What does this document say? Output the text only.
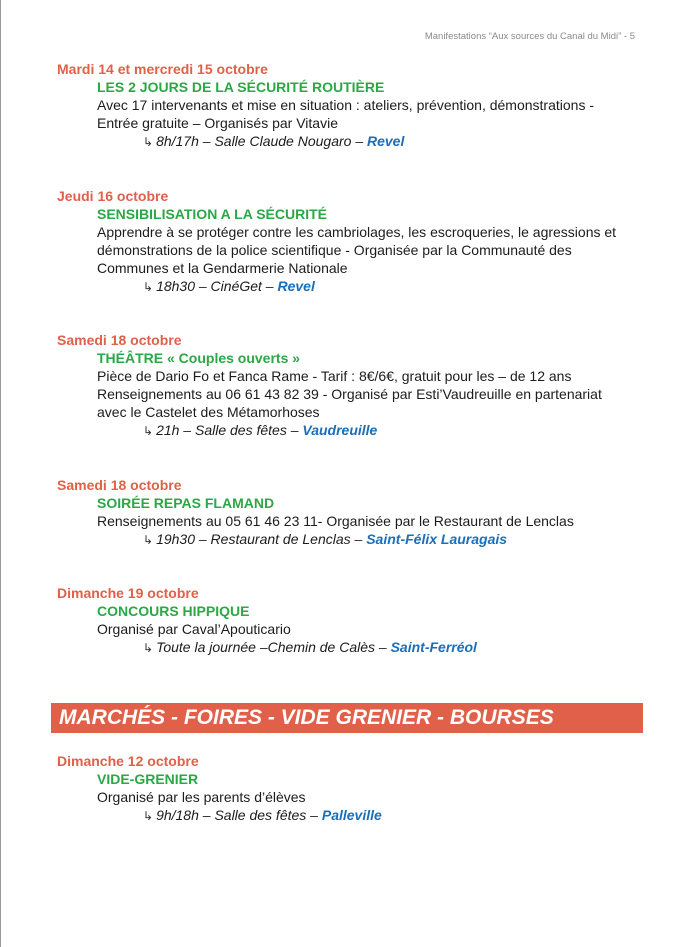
Manifestations “Aux sources du Canal du Midi” - 5
Mardi 14 et mercredi 15 octobre
LES 2 JOURS DE LA SÉCURITÉ ROUTIÈRE
Avec 17 intervenants et mise en situation : ateliers, prévention, démonstrations -
Entrée gratuite – Organisés par Vitavie
↳ 8h/17h – Salle Claude Nougaro – Revel
Jeudi 16 octobre
SENSIBILISATION A LA SÉCURITÉ
Apprendre à se protéger contre les cambriolages, les escroqueries, le agressions et
démonstrations de la police scientifique - Organisée par la Communauté des
Communes et la Gendarmerie Nationale
↳ 18h30 – CinéGet – Revel
Samedi 18 octobre
THÉÂTRE « Couples ouverts »
Pièce de Dario Fo et Fanca Rame - Tarif : 8€/6€, gratuit pour les – de 12 ans
Renseignements au 06 61 43 82 39 - Organisé par Esti’Vaudreuille en partenariat
avec le Castelet des Métamorhoses
↳ 21h – Salle des fêtes – Vaudreuille
Samedi 18 octobre
SOIRÉE REPAS FLAMAND
Renseignements au 05 61 46 23 11- Organisée par le Restaurant de Lenclas
↳ 19h30 – Restaurant de Lenclas – Saint-Félix Lauragais
Dimanche 19 octobre
CONCOURS HIPPIQUE
Organisé par Caval’Apouticario
↳ Toute la journée –Chemin de Calès – Saint-Ferréol
MARCHÉS - FOIRES - VIDE GRENIER - BOURSES
Dimanche 12 octobre
VIDE-GRENIER
Organisé par les parents d’élèves
↳ 9h/18h – Salle des fêtes – Palleville
